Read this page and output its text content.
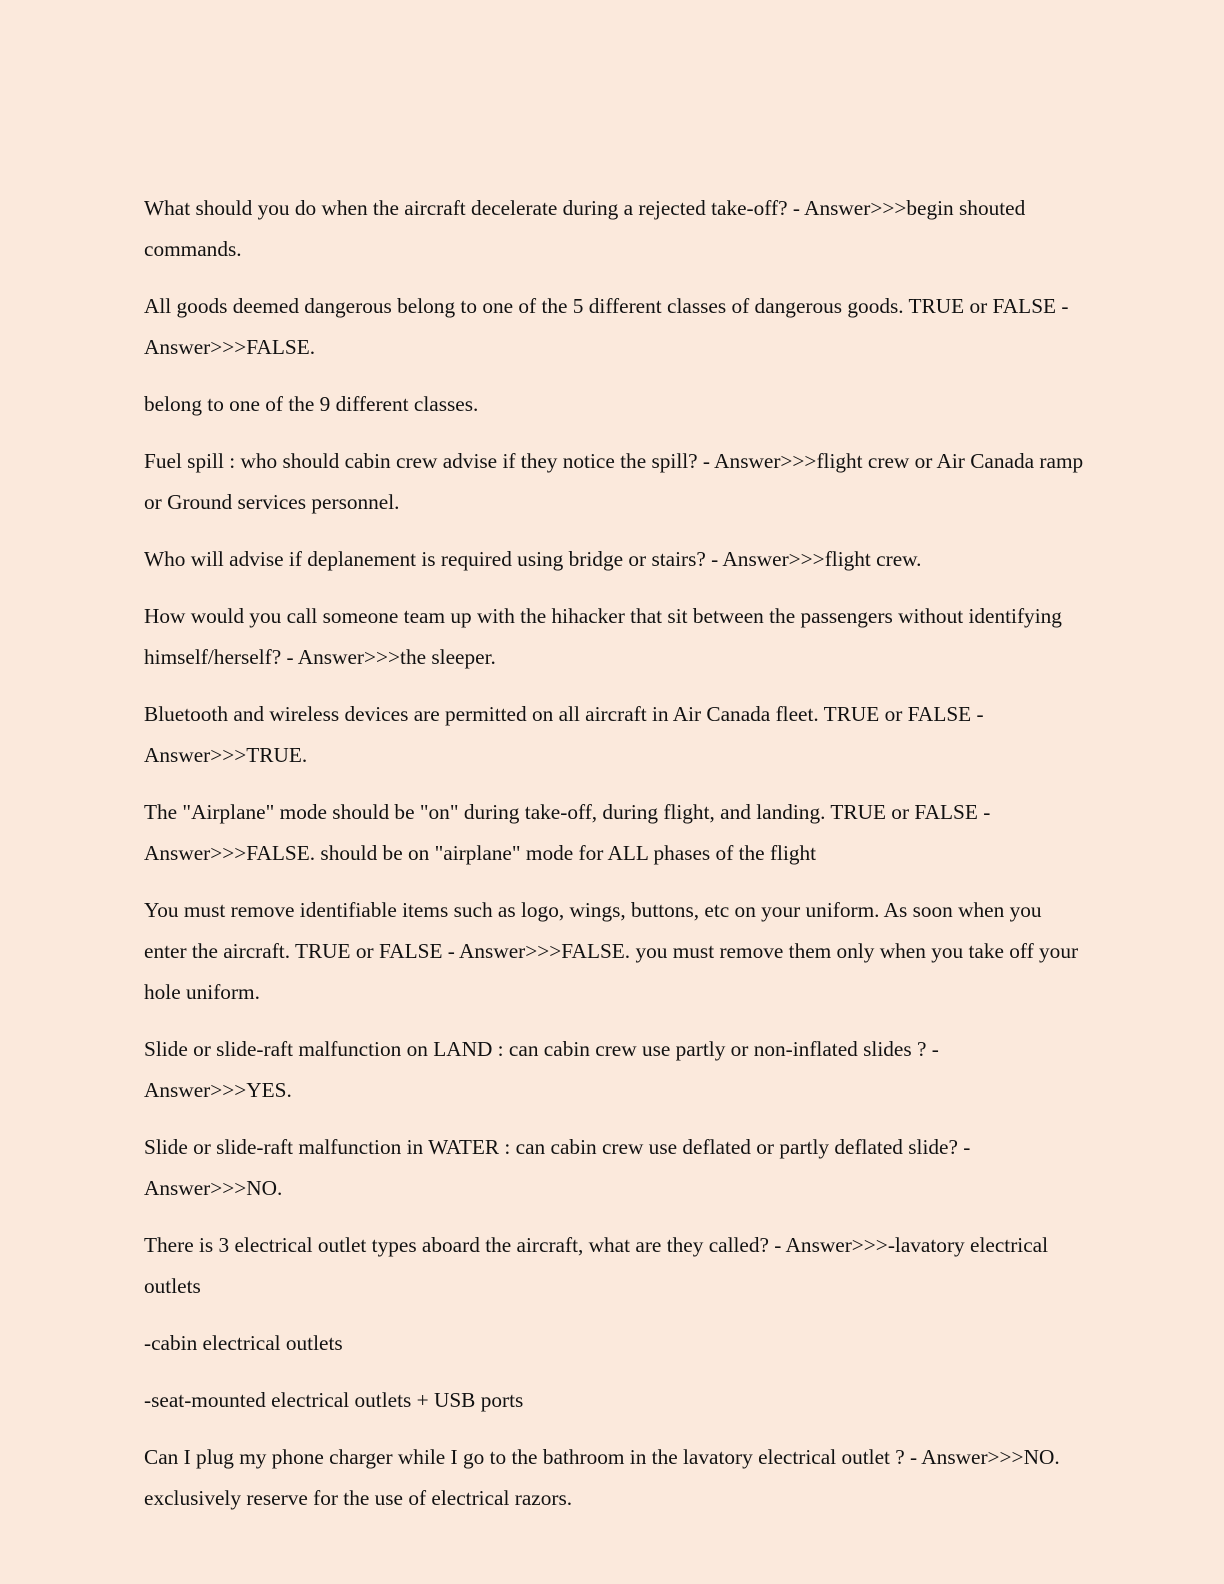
What should you do when the aircraft decelerate during a rejected take-off? - Answer>>>begin shouted commands.

All goods deemed dangerous belong to one of the 5 different classes of dangerous goods. TRUE or FALSE - Answer>>>FALSE.

belong to one of the 9 different classes.

Fuel spill : who should cabin crew advise if they notice the spill? - Answer>>>flight crew or Air Canada ramp or Ground services personnel.

Who will advise if deplanement is required using bridge or stairs? - Answer>>>flight crew.

How would you call someone team up with the hihacker that sit between the passengers without identifying himself/herself? - Answer>>>the sleeper.

Bluetooth and wireless devices are permitted on all aircraft in Air Canada fleet. TRUE or FALSE - Answer>>>TRUE.

The "Airplane" mode should be "on" during take-off, during flight, and landing. TRUE or FALSE - Answer>>>FALSE. should be on "airplane" mode for ALL phases of the flight

You must remove identifiable items such as logo, wings, buttons, etc on your uniform. As soon when you enter the aircraft. TRUE or FALSE - Answer>>>FALSE. you must remove them only when you take off your hole uniform.

Slide or slide-raft malfunction on LAND : can cabin crew use partly or non-inflated slides ? - Answer>>>YES.

Slide or slide-raft malfunction in WATER : can cabin crew use deflated or partly deflated slide? - Answer>>>NO.

There is 3 electrical outlet types aboard the aircraft, what are they called? - Answer>>>-lavatory electrical outlets

-cabin electrical outlets

-seat-mounted electrical outlets + USB ports

Can I plug my phone charger while I go to the bathroom in the lavatory electrical outlet ? - Answer>>>NO. exclusively reserve for the use of electrical razors.
